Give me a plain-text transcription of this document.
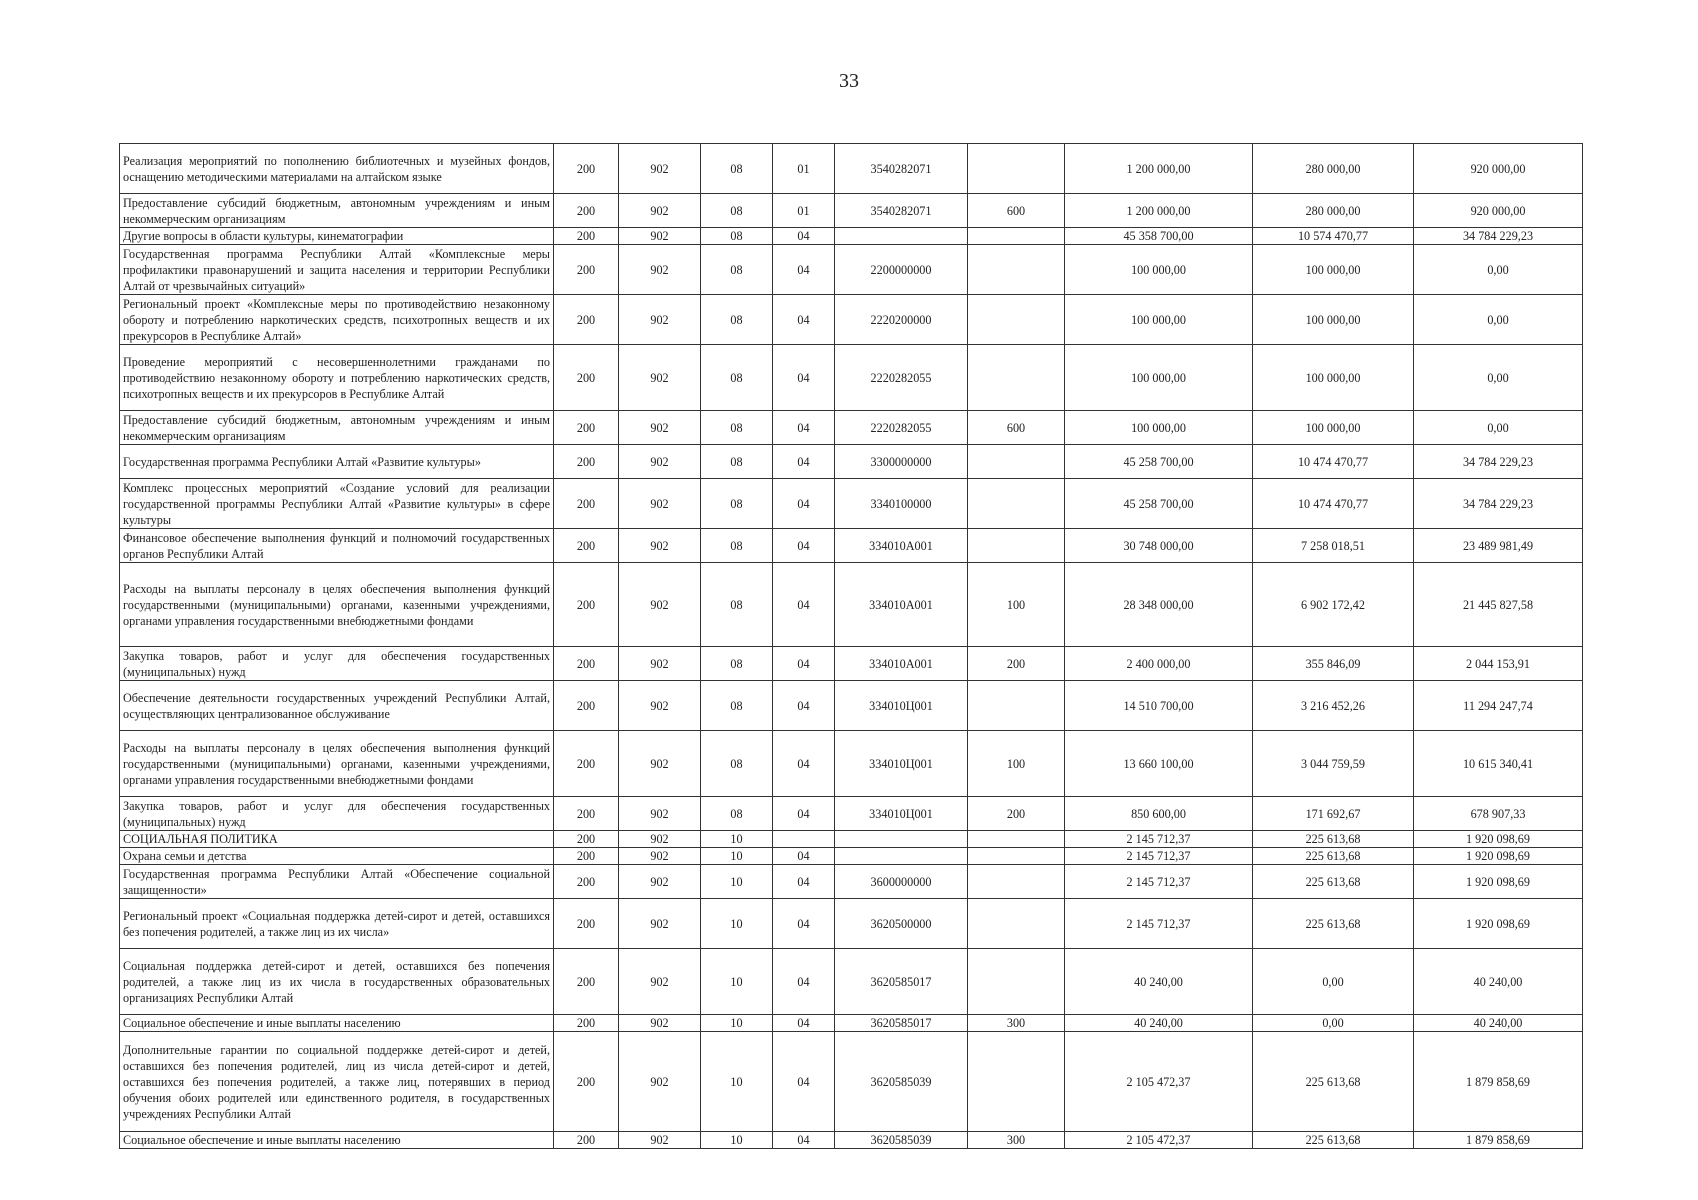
33
Реализация мероприятий по пополнению библиотечных и музейных фондов, оснащению методическими материалами на алтайском языке	200	902	08	01	3540282071		1 200 000,00	280 000,00	920 000,00
Предоставление субсидий бюджетным, автономным учреждениям и иным некоммерческим организациям	200	902	08	01	3540282071	600	1 200 000,00	280 000,00	920 000,00
Другие вопросы в области культуры, кинематографии	200	902	08	04			45 358 700,00	10 574 470,77	34 784 229,23
Государственная программа Республики Алтай «Комплексные меры профилактики правонарушений и защита населения и территории Республики Алтай от чрезвычайных ситуаций»	200	902	08	04	2200000000		100 000,00	100 000,00	0,00
Региональный проект «Комплексные меры по противодействию незаконному обороту и потреблению наркотических средств, психотропных веществ и их прекурсоров в Республике Алтай»	200	902	08	04	2220200000		100 000,00	100 000,00	0,00
Проведение мероприятий с несовершеннолетними гражданами по противодействию незаконному обороту и потреблению наркотических средств, психотропных веществ и их прекурсоров в Республике Алтай	200	902	08	04	2220282055		100 000,00	100 000,00	0,00
Предоставление субсидий бюджетным, автономным учреждениям и иным некоммерческим организациям	200	902	08	04	2220282055	600	100 000,00	100 000,00	0,00
Государственная программа Республики Алтай «Развитие культуры»	200	902	08	04	3300000000		45 258 700,00	10 474 470,77	34 784 229,23
Комплекс процессных мероприятий «Создание условий для реализации государственной программы Республики Алтай «Развитие культуры» в сфере культуры	200	902	08	04	3340100000		45 258 700,00	10 474 470,77	34 784 229,23
Финансовое обеспечение выполнения функций и полномочий государственных органов Республики Алтай	200	902	08	04	334010А001		30 748 000,00	7 258 018,51	23 489 981,49
Расходы на выплаты персоналу в целях обеспечения выполнения функций государственными (муниципальными) органами, казенными учреждениями, органами управления государственными внебюджетными фондами	200	902	08	04	334010А001	100	28 348 000,00	6 902 172,42	21 445 827,58
Закупка товаров, работ и услуг для обеспечения государственных (муниципальных) нужд	200	902	08	04	334010А001	200	2 400 000,00	355 846,09	2 044 153,91
Обеспечение деятельности государственных учреждений Республики Алтай, осуществляющих централизованное обслуживание	200	902	08	04	334010Ц001		14 510 700,00	3 216 452,26	11 294 247,74
Расходы на выплаты персоналу в целях обеспечения выполнения функций государственными (муниципальными) органами, казенными учреждениями, органами управления государственными внебюджетными фондами	200	902	08	04	334010Ц001	100	13 660 100,00	3 044 759,59	10 615 340,41
Закупка товаров, работ и услуг для обеспечения государственных (муниципальных) нужд	200	902	08	04	334010Ц001	200	850 600,00	171 692,67	678 907,33
СОЦИАЛЬНАЯ ПОЛИТИКА	200	902	10				2 145 712,37	225 613,68	1 920 098,69
Охрана семьи и детства	200	902	10	04			2 145 712,37	225 613,68	1 920 098,69
Государственная программа Республики Алтай «Обеспечение социальной защищенности»	200	902	10	04	3600000000		2 145 712,37	225 613,68	1 920 098,69
Региональный проект «Социальная поддержка детей-сирот и детей, оставшихся без попечения родителей, а также лиц из их числа»	200	902	10	04	3620500000		2 145 712,37	225 613,68	1 920 098,69
Социальная поддержка детей-сирот и детей, оставшихся без попечения родителей, а также лиц из их числа в государственных образовательных организациях Республики Алтай	200	902	10	04	3620585017		40 240,00	0,00	40 240,00
Социальное обеспечение и иные выплаты населению	200	902	10	04	3620585017	300	40 240,00	0,00	40 240,00
Дополнительные гарантии по социальной поддержке детей-сирот и детей, оставшихся без попечения родителей, лиц из числа детей-сирот и детей, оставшихся без попечения родителей, а также лиц, потерявших в период обучения обоих родителей или единственного родителя, в государственных учреждениях Республики Алтай	200	902	10	04	3620585039		2 105 472,37	225 613,68	1 879 858,69
Социальное обеспечение и иные выплаты населению	200	902	10	04	3620585039	300	2 105 472,37	225 613,68	1 879 858,69
